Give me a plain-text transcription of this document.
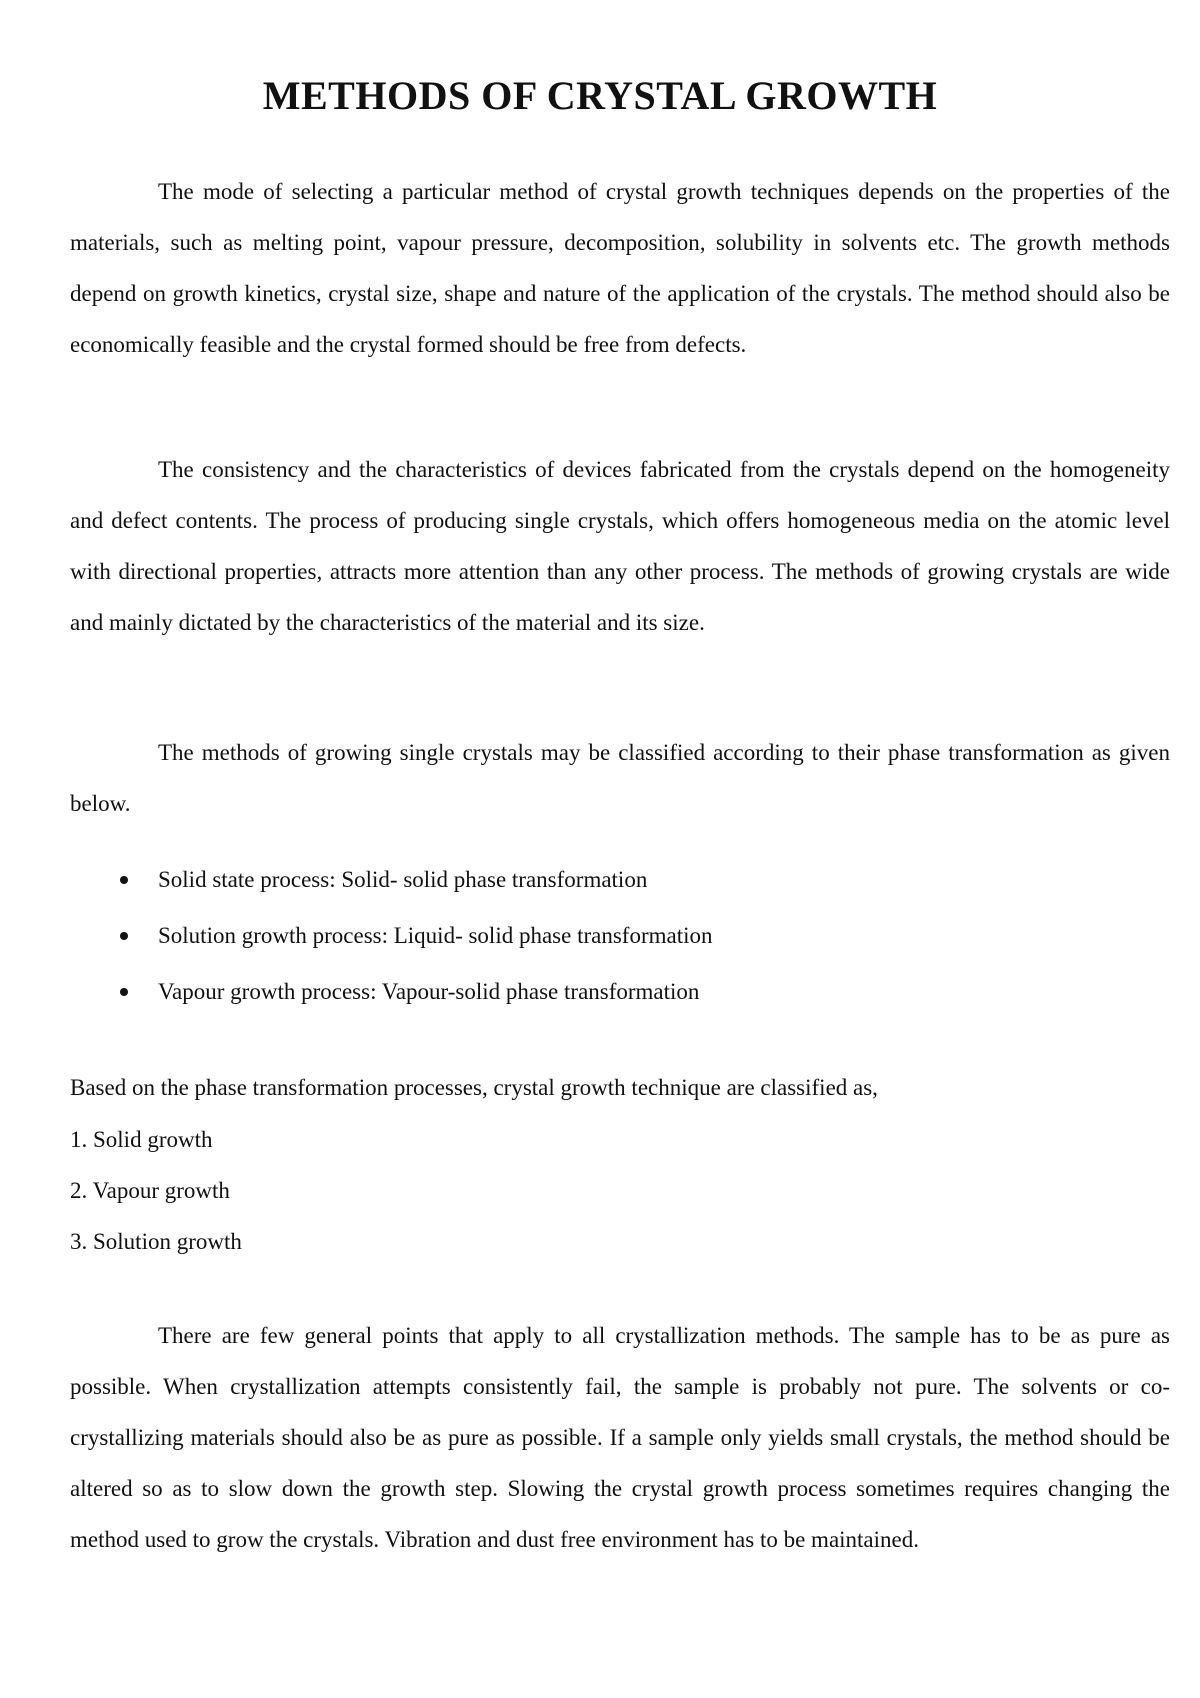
METHODS OF CRYSTAL GROWTH

The mode of selecting a particular method of crystal growth techniques depends on the properties of the materials, such as melting point, vapour pressure, decomposition, solubility in solvents etc. The growth methods depend on growth kinetics, crystal size, shape and nature of the application of the crystals. The method should also be economically feasible and the crystal formed should be free from defects.

The consistency and the characteristics of devices fabricated from the crystals depend on the homogeneity and defect contents. The process of producing single crystals, which offers homogeneous media on the atomic level with directional properties, attracts more attention than any other process. The methods of growing crystals are wide and mainly dictated by the characteristics of the material and its size.

The methods of growing single crystals may be classified according to their phase transformation as given below.

Solid state process: Solid- solid phase transformation
Solution growth process: Liquid- solid phase transformation
Vapour growth process: Vapour-solid phase transformation

Based on the phase transformation processes, crystal growth technique are classified as,

1. Solid growth
2. Vapour growth
3. Solution growth

There are few general points that apply to all crystallization methods. The sample has to be as pure as possible. When crystallization attempts consistently fail, the sample is probably not pure. The solvents or co-crystallizing materials should also be as pure as possible. If a sample only yields small crystals, the method should be altered so as to slow down the growth step. Slowing the crystal growth process sometimes requires changing the method used to grow the crystals. Vibration and dust free environment has to be maintained.
